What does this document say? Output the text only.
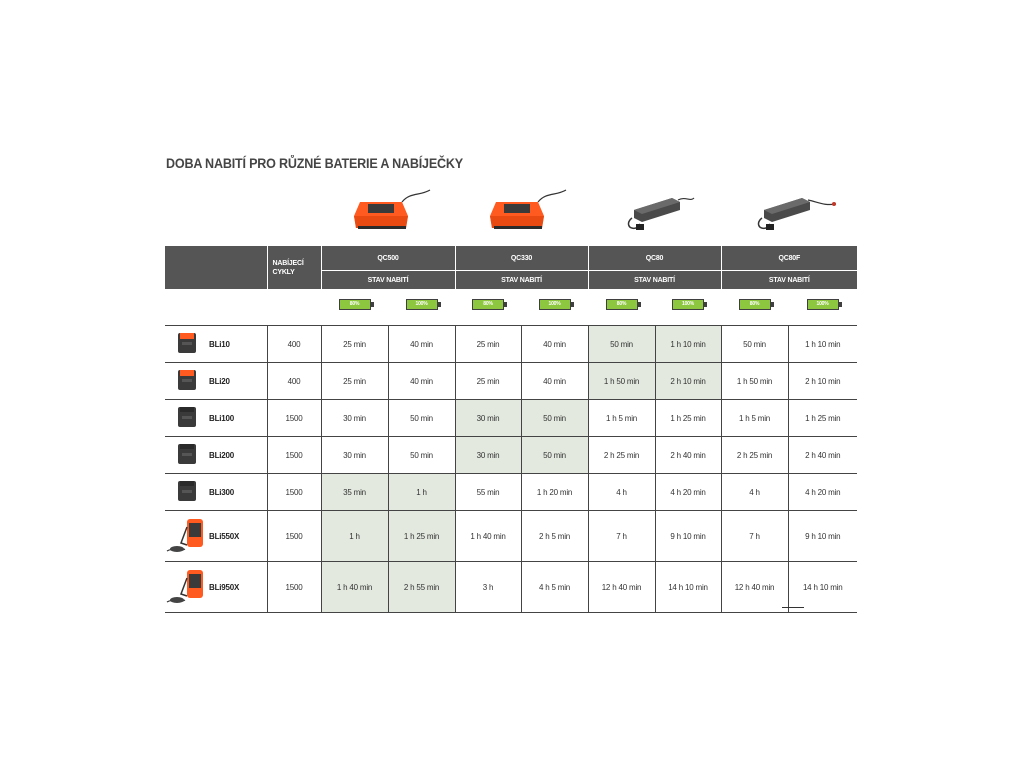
DOBA NABITÍ PRO RŮZNÉ BATERIE A NABÍJEČKY
		NABÍJECÍ CYKLY	QC500		QC330		QC80		QC80F	
			STAV NABITÍ		STAV NABITÍ		STAV NABITÍ		STAV NABITÍ	

			80%	100%	80%	100%	80%	100%	80%	100%

	BLi10	400	25 min	40 min	25 min	40 min	50 min	1 h 10 min	50 min	1 h 10 min
	BLi20	400	25 min	40 min	25 min	40 min	1 h 50 min	2 h 10 min	1 h 50 min	2 h 10 min
	BLi100	1500	30 min	50 min	30 min	50 min	1 h 5 min	1 h 25 min	1 h 5 min	1 h 25 min
	BLi200	1500	30 min	50 min	30 min	50 min	2 h 25 min	2 h 40 min	2 h 25 min	2 h 40 min
	BLi300	1500	35 min	1 h	55 min	1 h 20 min	4 h	4 h 20 min	4 h	4 h 20 min
	BLi550X	1500	1 h	1 h 25 min	1 h 40 min	2 h 5 min	7 h	9 h 10 min	7 h	9 h 10 min
	BLi950X	1500	1 h 40 min	2 h 55 min	3 h	4 h 5 min	12 h 40 min	14 h 10 min	12 h 40 min	14 h 10 min
